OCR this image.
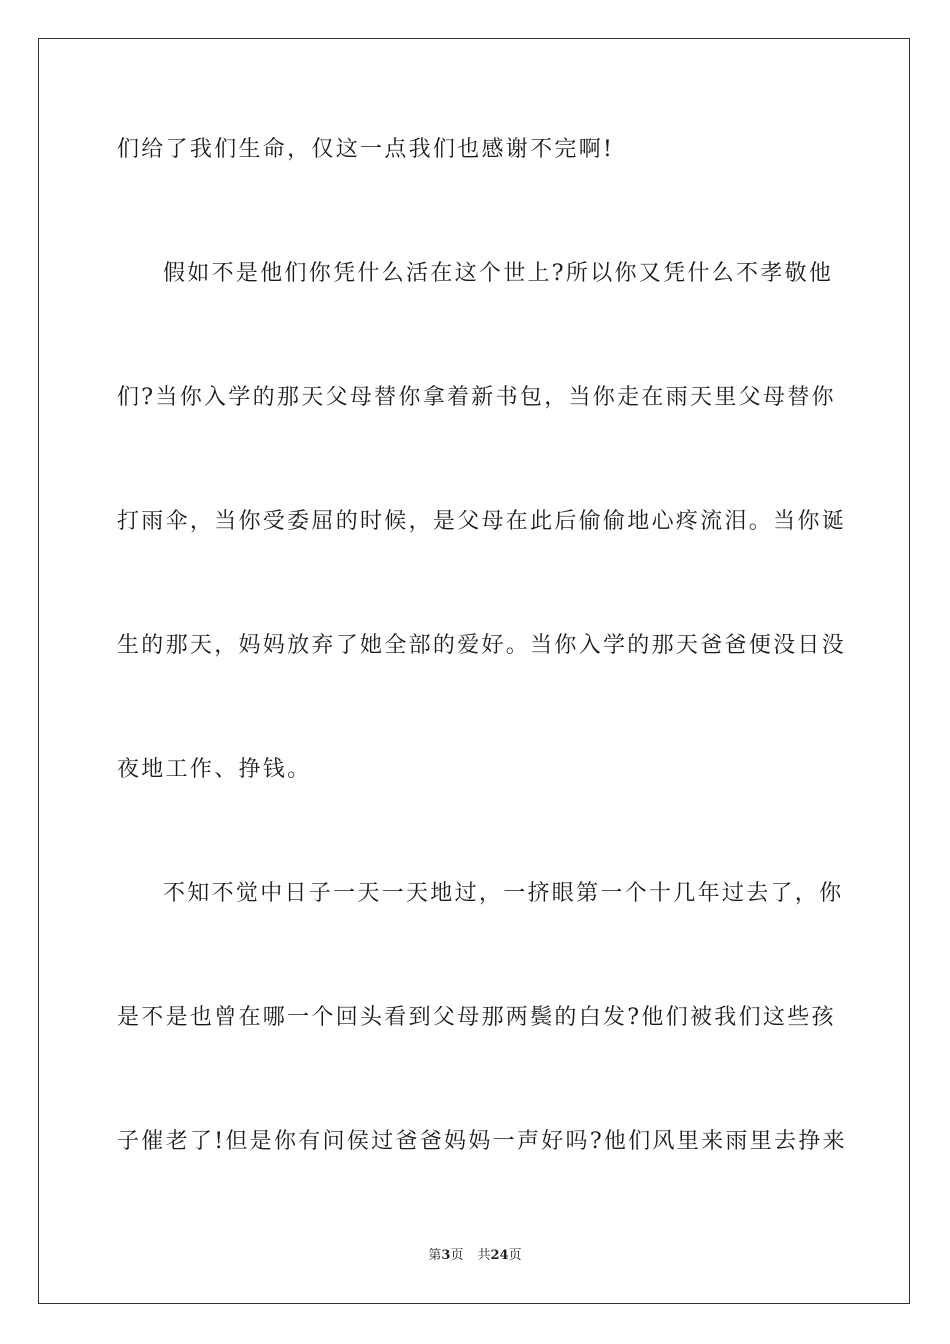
们给了我们生命，仅这一点我们也感谢不完啊!
假如不是他们你凭什么活在这个世上?所以你又凭什么不孝敬他
们?当你入学的那天父母替你拿着新书包，当你走在雨天里父母替你
打雨伞，当你受委屈的时候，是父母在此后偷偷地心疼流泪。当你诞
生的那天，妈妈放弃了她全部的爱好。当你入学的那天爸爸便没日没
夜地工作、挣钱。
不知不觉中日子一天一天地过，一挤眼第一个十几年过去了，你
是不是也曾在哪一个回头看到父母那两鬓的白发?他们被我们这些孩
子催老了!但是你有问侯过爸爸妈妈一声好吗?他们风里来雨里去挣来
第3页 共24页
